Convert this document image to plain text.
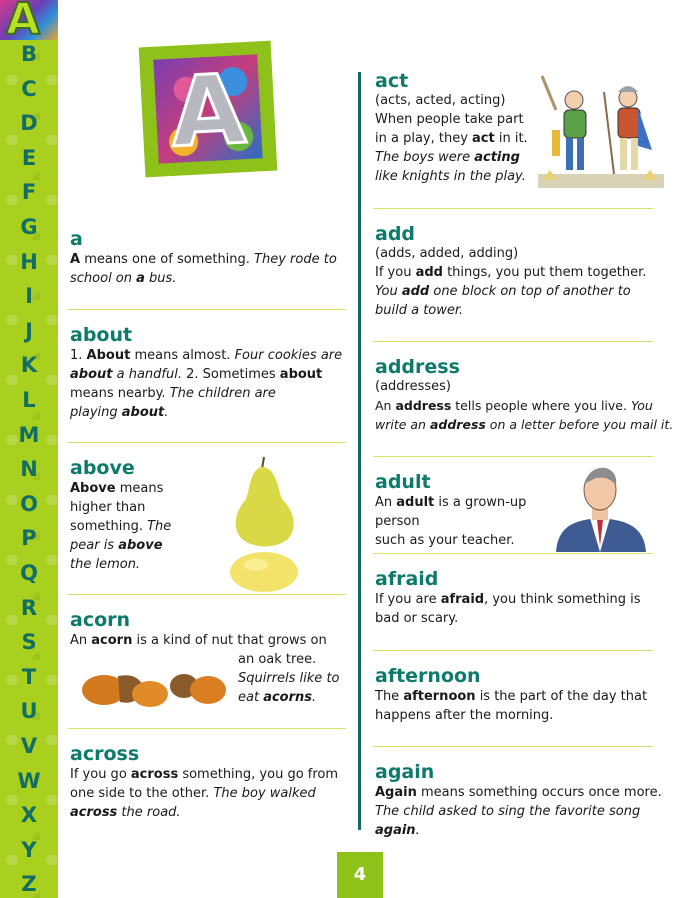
A
B
C
D
E
F
G
H
I
J
K
L
M
N
O
P
Q
R
S
T
U
V
W
X
Y
Z
A

a

A means one of something. They rode to
school on a bus.

about

1. About means almost. Four cookies are
about a handful. 2. Sometimes about
means nearby. The children are
playing about.

above

Above means
higher than
something. The
pear is above
the lemon.

acorn

An acorn is a kind of nut that grows on
an oak tree.
Squirrels like to
eat acorns.

across

If you go across something, you go from
one side to the other. The boy walked
across the road.

act

(acts, acted, acting)

When people take part
in a play, they act in it.
The boys were acting
like knights in the play.

add

(adds, added, adding)

If you add things, you put them together.
You add one block on top of another to
build a tower.

address

(addresses)

An address tells people where you live. You
write an address on a letter before you mail it.

adult

An adult is a grown-up person
such as your teacher.

afraid

If you are afraid, you think something is
bad or scary.

afternoon

The afternoon is the part of the day that
happens after the morning.

again

Again means something occurs once more.
The child asked to sing the favorite song
again.
4
